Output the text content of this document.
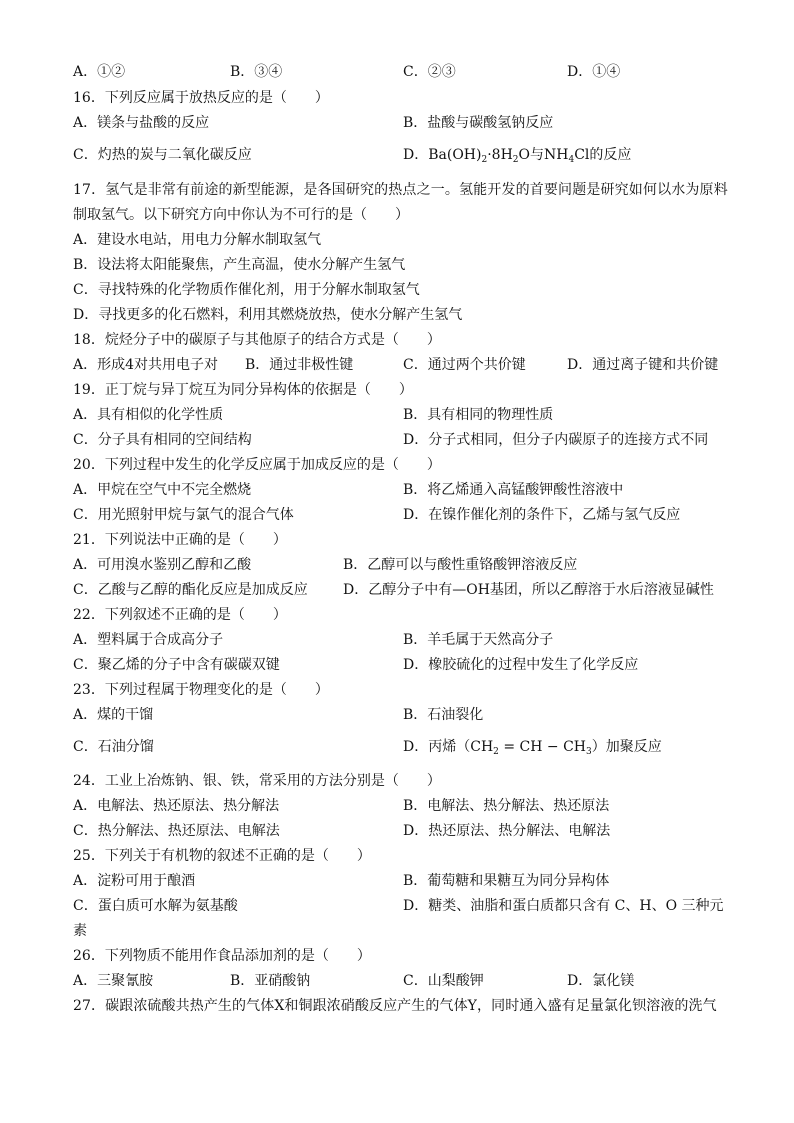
A．①②	B．③④	C．②③	D．①④
16．下列反应属于放热反应的是（　　）
A．镁条与盐酸的反应	B．盐酸与碳酸氢钠反应
C．灼热的炭与二氧化碳反应	D．$Ba(OH)_2\cdot 8H_2O$与$NH_4Cl$的反应
17．氢气是非常有前途的新型能源，是各国研究的热点之一。氢能开发的首要问题是研究如何以水为原料
制取氢气。以下研究方向中你认为不可行的是（　　）
A．建设水电站，用电力分解水制取氢气
B．设法将太阳能聚焦，产生高温，使水分解产生氢气
C．寻找特殊的化学物质作催化剂，用于分解水制取氢气
D．寻找更多的化石燃料，利用其燃烧放热，使水分解产生氢气
18．烷烃分子中的碳原子与其他原子的结合方式是（　　）
A．形成4对共用电子对 B．通过非极性键	C．通过两个共价键	D．通过离子键和共价键
19．正丁烷与异丁烷互为同分异构体的依据是（　　）
A．具有相似的化学性质	B．具有相同的物理性质
C．分子具有相同的空间结构	D．分子式相同，但分子内碳原子的连接方式不同
20．下列过程中发生的化学反应属于加成反应的是（　　）
A．甲烷在空气中不完全燃烧	B．将乙烯通入高锰酸钾酸性溶液中
C．用光照射甲烷与氯气的混合气体	D．在镍作催化剂的条件下，乙烯与氢气反应
21．下列说法中正确的是（　　）
A．可用溴水鉴别乙醇和乙酸	B．乙醇可以与酸性重铬酸钾溶液反应
C．乙酸与乙醇的酯化反应是加成反应	D．乙醇分子中有—OH基团，所以乙醇溶于水后溶液显碱性
22．下列叙述不正确的是（　　）
A．塑料属于合成高分子	B．羊毛属于天然高分子
C．聚乙烯的分子中含有碳碳双键	D．橡胶硫化的过程中发生了化学反应
23．下列过程属于物理变化的是（　　）
A．煤的干馏	B．石油裂化
C．石油分馏	D．丙烯（$CH_2$ = CH − $CH_3$）加聚反应
24．工业上冶炼钠、银、铁，常采用的方法分别是（　　）
A．电解法、热还原法、热分解法	B．电解法、热分解法、热还原法
C．热分解法、热还原法、电解法	D．热还原法、热分解法、电解法
25．下列关于有机物的叙述不正确的是（　　）
A．淀粉可用于酿酒	B．葡萄糖和果糖互为同分异构体
C．蛋白质可水解为氨基酸	D．糖类、油脂和蛋白质都只含有 C、H、O 三种元
素
26．下列物质不能用作食品添加剂的是（　　）
A．三聚氰胺	B．亚硝酸钠	C．山梨酸钾	D．氯化镁
27．碳跟浓硫酸共热产生的气体X和铜跟浓硝酸反应产生的气体Y，同时通入盛有足量氯化钡溶液的洗气
